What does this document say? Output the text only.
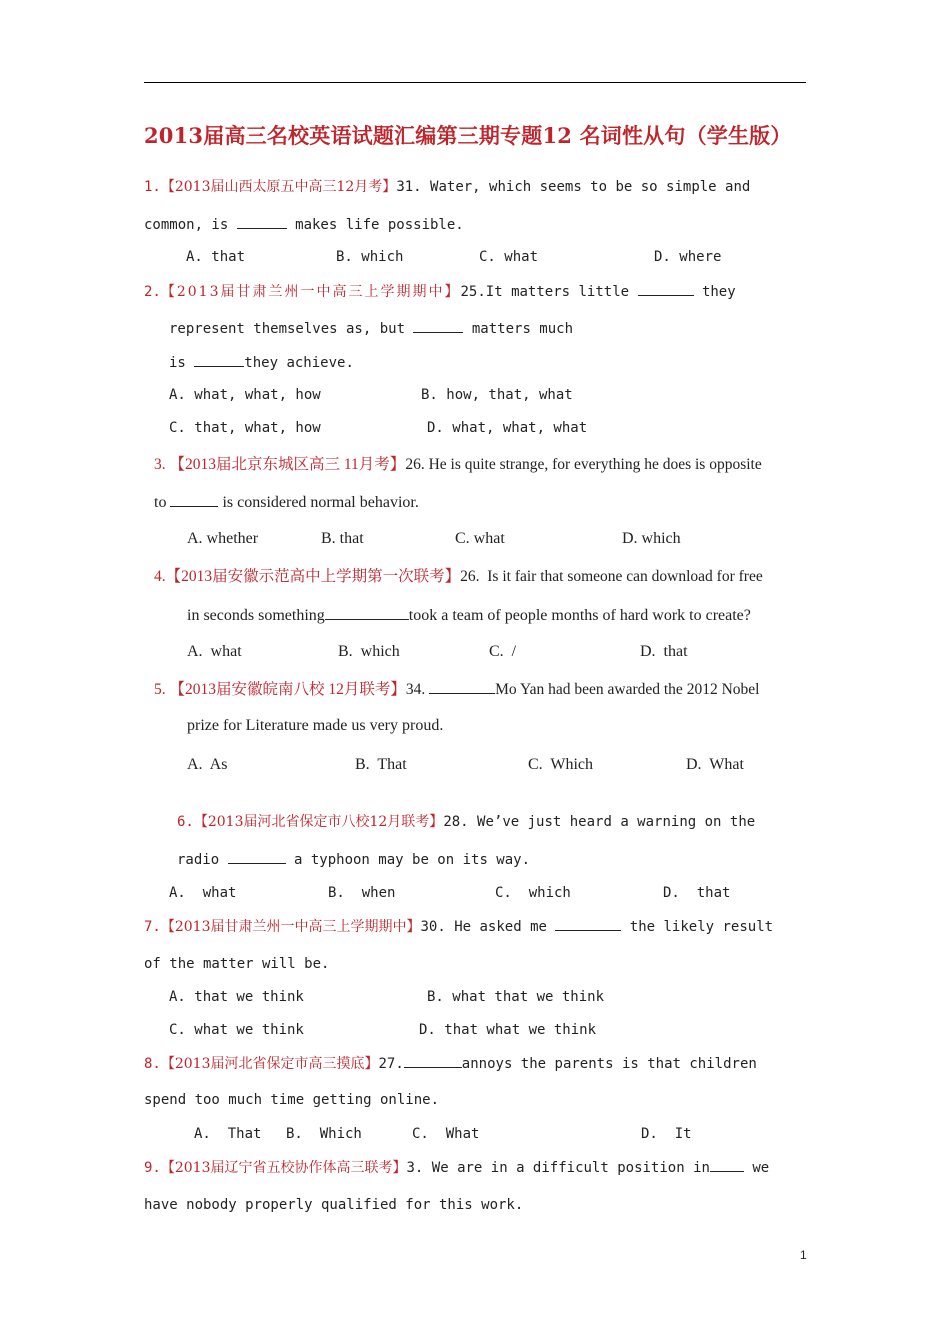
2013届高三名校英语试题汇编第三期专题12 名词性从句（学生版）
1.【2013届山西太原五中高三12月考】31. Water, which seems to be so simple and
common, is	makes life possible.
A. that	B. which	C. what	D. where
2.【2013届甘肃兰州一中高三上学期期中】25.It matters little	they
represent themselves as, but	matters much
is	they achieve.
A. what, what, how	B. how, that, what
C. that, what, how	D. what, what, what
3. 【2013届北京东城区高三 11月考】26. He is quite strange, for everything he does is opposite
to	is considered normal behavior.
A. whether	B. that	C. what	D. which
4.【2013届安徽示范高中上学期第一次联考】26.  Is it fair that someone can download for free
in seconds something	took a team of people months of hard work to create?
A.  what	B.  which	C.  /	D.  that
5. 【2013届安徽皖南八校 12月联考】34.	Mo Yan had been awarded the 2012 Nobel
prize for Literature made us very proud.
A.  As	B.  That	C.  Which	D.  What
6.【2013届河北省保定市八校12月联考】28. We’ve just heard a warning on the
radio	a typhoon may be on its way.
A.  what	B.  when	C.  which	D.  that
7.【2013届甘肃兰州一中高三上学期期中】30. He asked me	the likely result
of the matter will be.
A. that we think	B. what that we think
C. what we think	D. that what we think
8.【2013届河北省保定市高三摸底】27.	annoys the parents is that children
spend too much time getting online.
A.  That B.  Which	C.  What	D.  It
9.【2013届辽宁省五校协作体高三联考】3. We are in a difficult position in we
have nobody properly qualified for this work.
1
